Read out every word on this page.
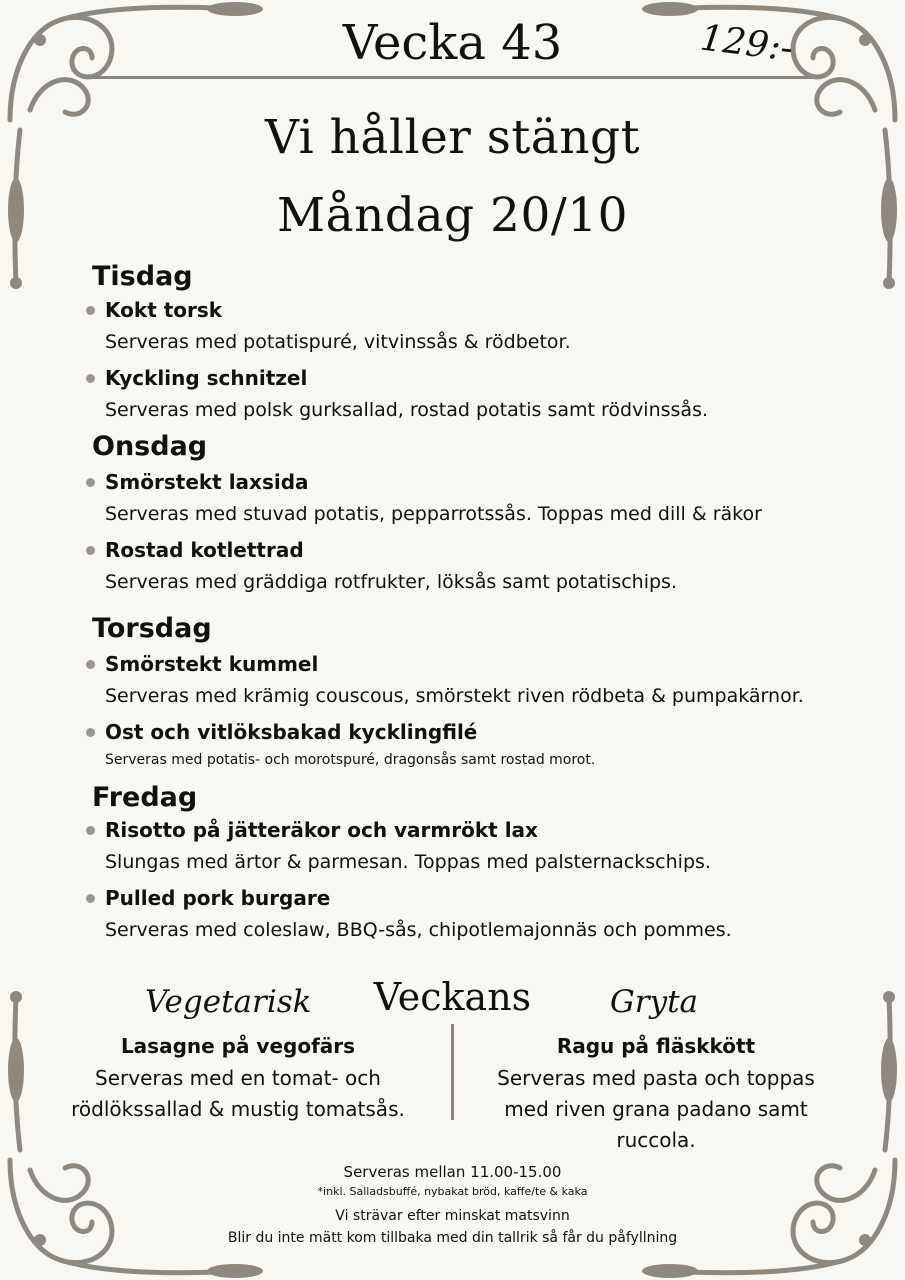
Vecka 43	129:-
Vi håller stängt
Måndag 20/10
Tisdag
Kokt torsk
Serveras med potatispuré, vitvinssås & rödbetor.
Kyckling schnitzel
Serveras med polsk gurksallad, rostad potatis samt rödvinssås.
Onsdag
Smörstekt laxsida
Serveras med stuvad potatis, pepparrotssås. Toppas med dill & räkor
Rostad kotlettrad
Serveras med gräddiga rotfrukter, löksås samt potatischips.
Torsdag
Smörstekt kummel
Serveras med krämig couscous, smörstekt riven rödbeta & pumpakärnor.
Ost och vitlöksbakad kycklingfilé
Serveras med potatis- och morotspuré, dragonsås samt rostad morot.
Fredag
Risotto på jätteräkor och varmrökt lax
Slungas med ärtor & parmesan. Toppas med palsternackschips.
Pulled pork burgare
Serveras med coleslaw, BBQ-sås, chipotlemajonnäs och pommes.
Vegetarisk Veckans	Gryta
Lasagne på vegofärs
Serveras med en tomat- och
rödlökssallad & mustig tomatsås.
Ragu på fläskkött
Serveras med pasta och toppas
med riven grana padano samt
ruccola.
Serveras mellan 11.00-15.00
*inkl. Salladsbuffé, nybakat bröd, kaffe/te & kaka
Vi strävar efter minskat matsvinn
Blir du inte mätt kom tillbaka med din tallrik så får du påfyllning
